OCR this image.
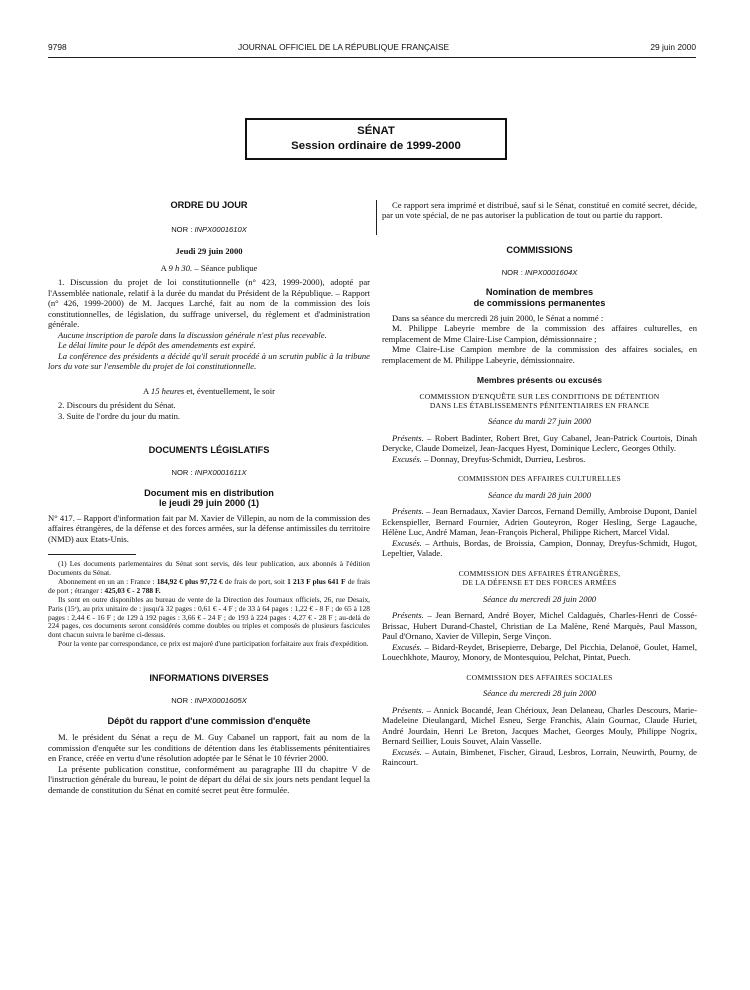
9798	JOURNAL OFFICIEL DE LA RÉPUBLIQUE FRANÇAISE	29 juin 2000
SÉNAT
Session ordinaire de 1999-2000
ORDRE DU JOUR
NOR : INPX0001610X
Jeudi 29 juin 2000
A 9 h 30. – Séance publique

1. Discussion du projet de loi constitutionnelle (n° 423, 1999-2000), adopté par l'Assemblée nationale, relatif à la durée du mandat du Président de la République. – Rapport (n° 426, 1999-2000) de M. Jacques Larché, fait au nom de la commission des lois constitutionnelles, de législation, du suffrage universel, du règlement et d'administration générale.

Aucune inscription de parole dans la discussion générale n'est plus recevable.

Le délai limite pour le dépôt des amendements est expiré.

La conférence des présidents a décidé qu'il serait procédé à un scrutin public à la tribune lors du vote sur l'ensemble du projet de loi constitutionnelle.

A 15 heures et, éventuellement, le soir

2. Discours du président du Sénat.

3. Suite de l'ordre du jour du matin.

DOCUMENTS LÉGISLATIFS
NOR : INPX0001611X
Document mis en distribution
le jeudi 29 juin 2000 (1)

N° 417. – Rapport d'information fait par M. Xavier de Villepin, au nom de la commission des affaires étrangères, de la défense et des forces armées, sur la défense antimissiles du territoire (NMD) aux Etats-Unis.

(1) Les documents parlementaires du Sénat sont servis, dès leur publication, aux abonnés à l'édition Documents du Sénat.

Abonnement en un an : France : 184,92 € plus 97,72 € de frais de port, soit 1 213 F plus 641 F de frais de port ; étranger : 425,03 € - 2 788 F.

Ils sont en outre disponibles au bureau de vente de la Direction des Journaux officiels, 26, rue Desaix, Paris (15ᵉ), au prix unitaire de : jusqu'à 32 pages : 0,61 € - 4 F ; de 33 à 64 pages : 1,22 € - 8 F ; de 65 à 128 pages : 2,44 € - 16 F ; de 129 à 192 pages : 3,66 € - 24 F ; de 193 à 224 pages : 4,27 € - 28 F ; au-delà de 224 pages, ces documents seront considérés comme doubles ou triples et composés de plusieurs fascicules dont chacun suivra le barème ci-dessus.

Pour la vente par correspondance, ce prix est majoré d'une participation forfaitaire aux frais d'expédition.

INFORMATIONS DIVERSES
NOR : INPX0001605X
Dépôt du rapport d'une commission d'enquête

M. le président du Sénat a reçu de M. Guy Cabanel un rapport, fait au nom de la commission d'enquête sur les conditions de détention dans les établissements pénitentiaires en France, créée en vertu d'une résolution adoptée par le Sénat le 10 février 2000.

La présente publication constitue, conformément au paragraphe III du chapitre V de l'instruction générale du bureau, le point de départ du délai de six jours nets pendant lequel la demande de constitution du Sénat en comité secret peut être formulée.

Ce rapport sera imprimé et distribué, sauf si le Sénat, constitué en comité secret, décide, par un vote spécial, de ne pas autoriser la publication de tout ou partie du rapport.

COMMISSIONS
NOR : INPX0001604X
Nomination de membres
de commissions permanentes

Dans sa séance du mercredi 28 juin 2000, le Sénat a nommé :

M. Philippe Labeyrie membre de la commission des affaires culturelles, en remplacement de Mme Claire-Lise Campion, démissionnaire ;

Mme Claire-Lise Campion membre de la commission des affaires sociales, en remplacement de M. Philippe Labeyrie, démissionnaire.

Membres présents ou excusés
COMMISSION D'ENQUÊTE SUR LES CONDITIONS DE DÉTENTION
DANS LES ÉTABLISSEMENTS PÉNITENTIAIRES EN FRANCE
Séance du mardi 27 juin 2000

Présents. – Robert Badinter, Robert Bret, Guy Cabanel, Jean-Patrick Courtois, Dinah Derycke, Claude Domeizel, Jean-Jacques Hyest, Dominique Leclerc, Georges Othily.

Excusés. – Donnay, Dreyfus-Schmidt, Durrieu, Lesbros.

COMMISSION DES AFFAIRES CULTURELLES
Séance du mardi 28 juin 2000

Présents. – Jean Bernadaux, Xavier Darcos, Fernand Demilly, Ambroise Dupont, Daniel Eckenspieller, Bernard Fournier, Adrien Gouteyron, Roger Hesling, Serge Lagauche, Hélène Luc, André Maman, Jean-François Picheral, Philippe Richert, Marcel Vidal.

Excusés. – Arthuis, Bordas, de Broissia, Campion, Donnay, Dreyfus-Schmidt, Hugot, Lepeltier, Valade.

COMMISSION DES AFFAIRES ÉTRANGÈRES,
DE LA DÉFENSE ET DES FORCES ARMÉES
Séance du mercredi 28 juin 2000

Présents. – Jean Bernard, André Boyer, Michel Caldaguès, Charles-Henri de Cossé-Brissac, Hubert Durand-Chastel, Christian de La Malène, René Marquès, Paul Masson, Paul d'Ornano, Xavier de Villepin, Serge Vinçon.

Excusés. – Bidard-Reydet, Brisepierre, Debarge, Del Picchia, Delanoë, Goulet, Hamel, Louechkhote, Mauroy, Monory, de Montesquiou, Pelchat, Pintat, Puech.

COMMISSION DES AFFAIRES SOCIALES
Séance du mercredi 28 juin 2000

Présents. – Annick Bocandé, Jean Chérioux, Jean Delaneau, Charles Descours, Marie-Madeleine Dieulangard, Michel Esneu, Serge Franchis, Alain Gournac, Claude Huriet, André Jourdain, Henri Le Breton, Jacques Machet, Georges Mouly, Philippe Nogrix, Bernard Seillier, Louis Souvet, Alain Vasselle.

Excusés. – Autain, Bimbenet, Fischer, Giraud, Lesbros, Lorrain, Neuwirth, Pourny, de Raincourt.
